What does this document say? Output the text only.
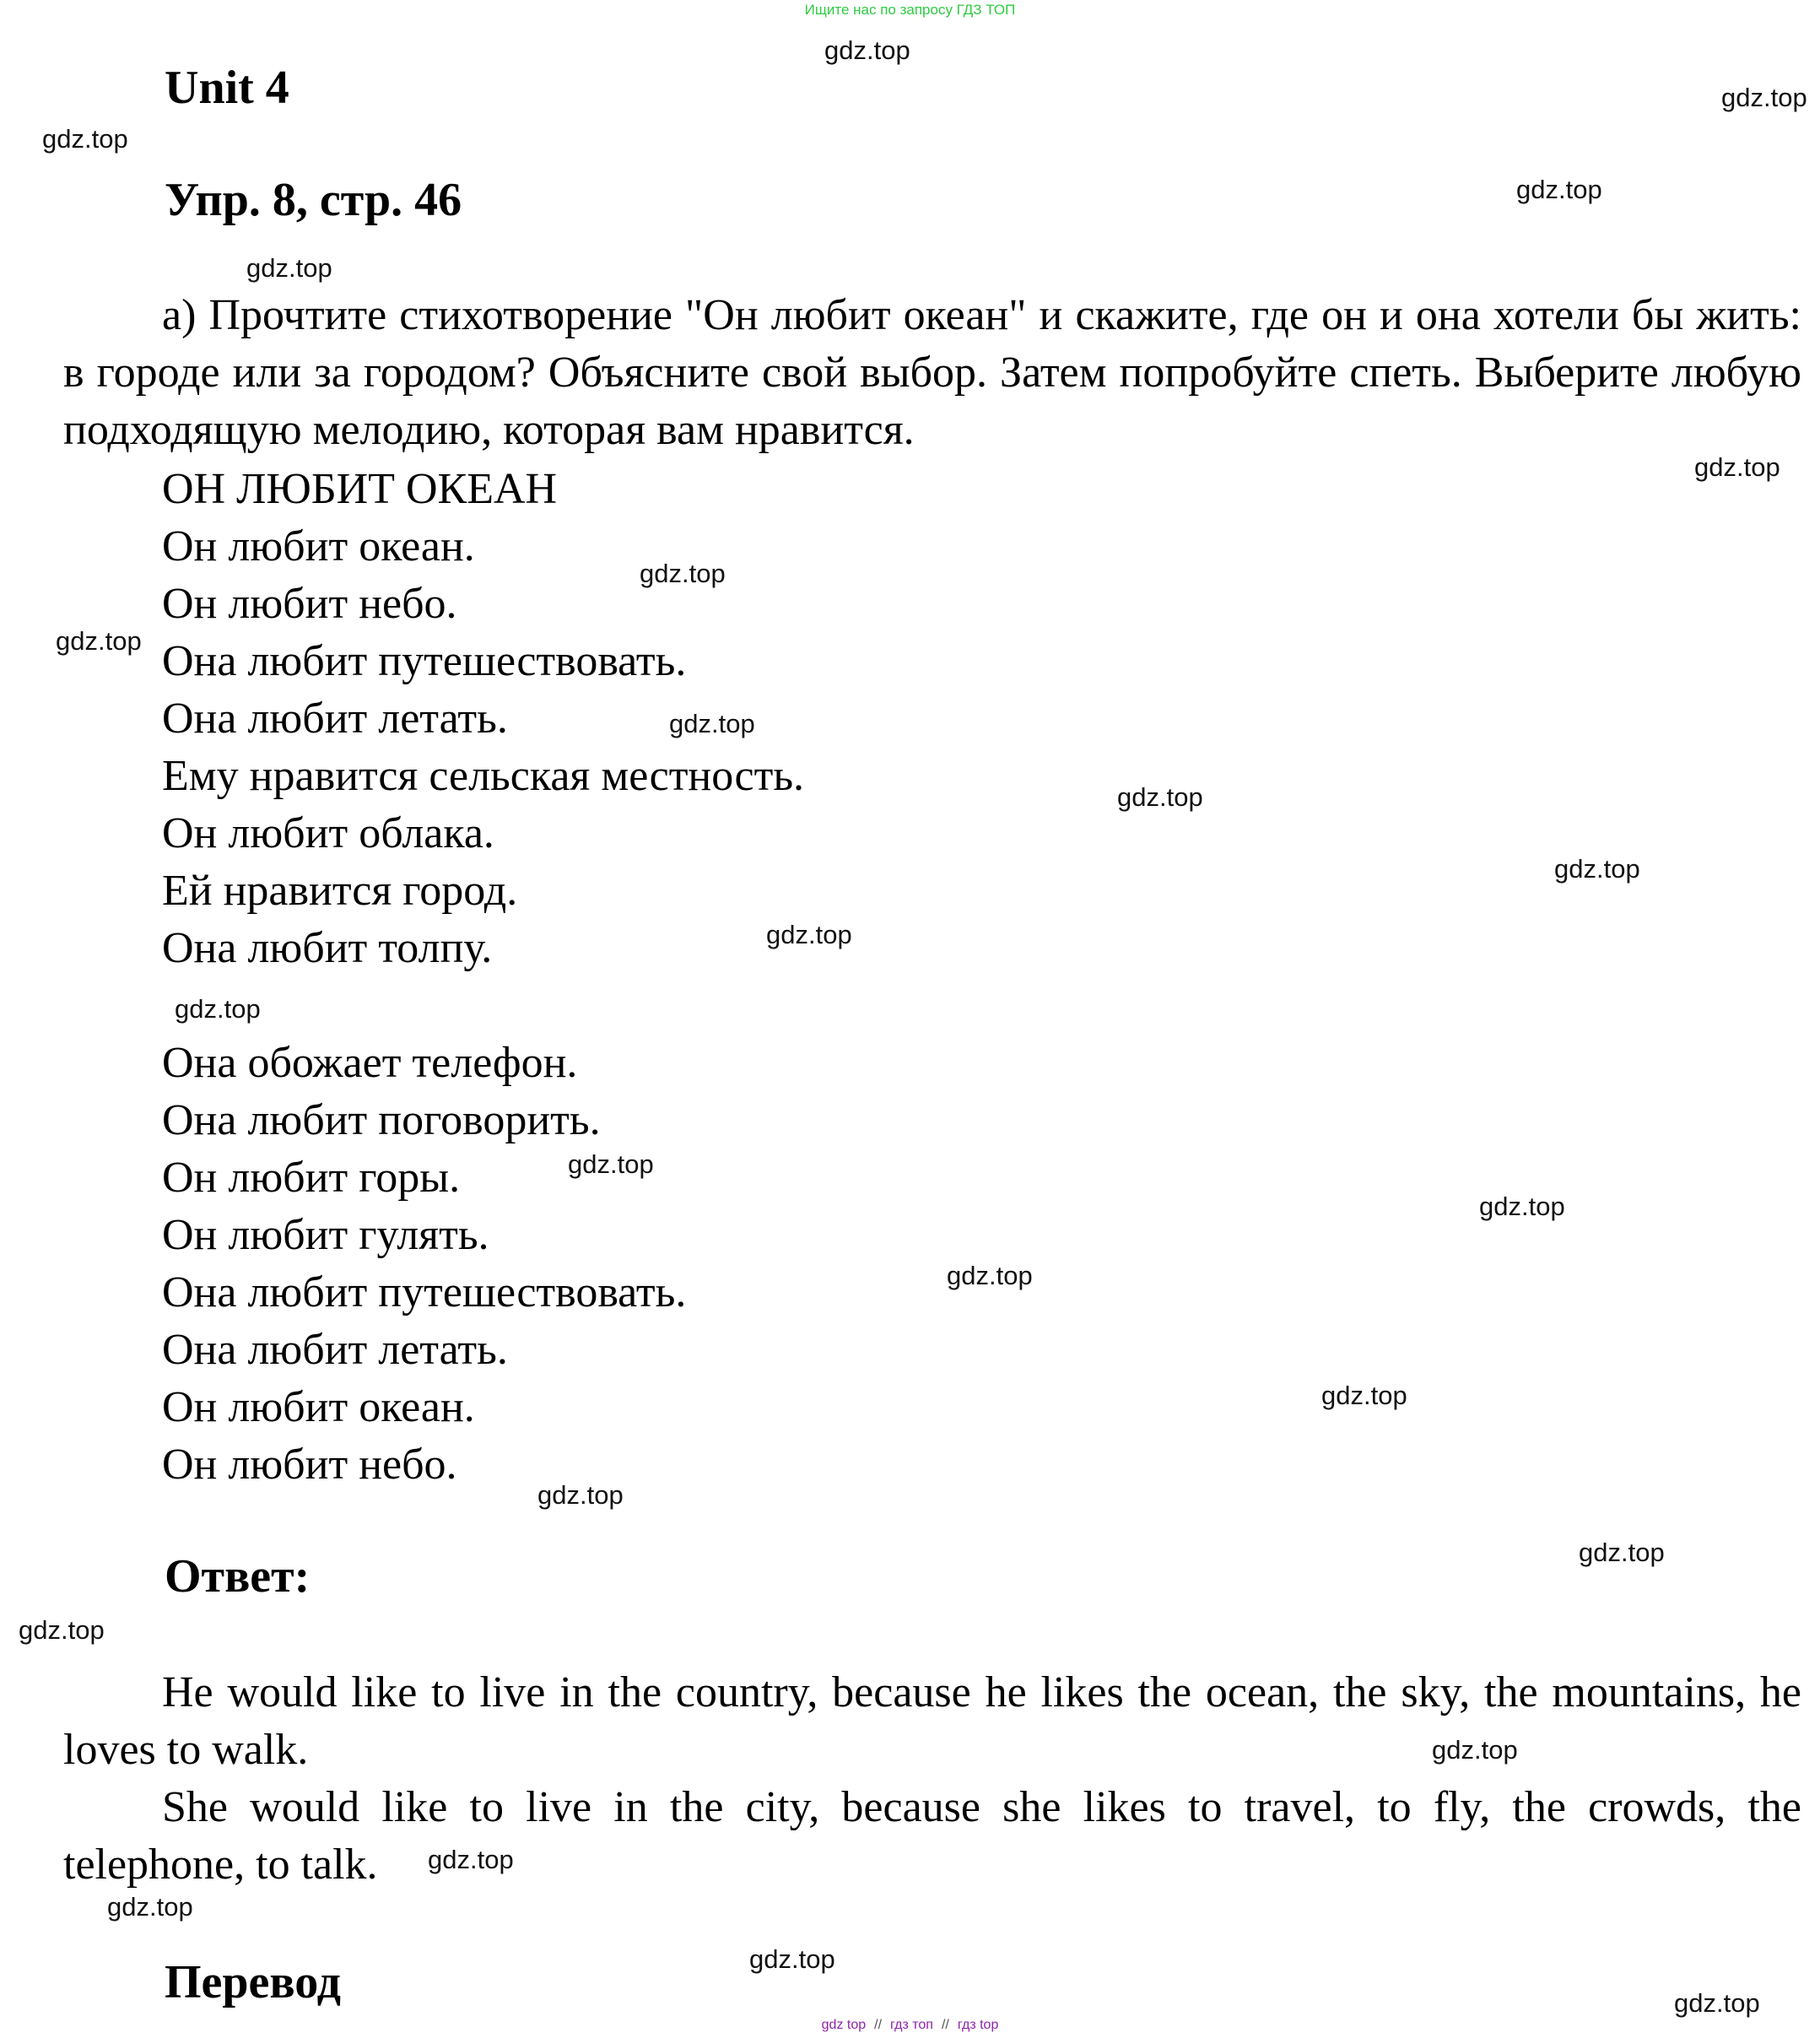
Ищите нас по запросу ГДЗ ТОП
Unit 4
Упр. 8, стр. 46
а) Прочтите стихотворение "Он любит океан" и скажите, где он и она хотели бы жить: в городе или за городом? Объясните свой выбор. Затем попробуйте спеть. Выберите любую подходящую мелодию, которая вам нравится.
ОН ЛЮБИТ ОКЕАН
Он любит океан.
Он любит небо.
Она любит путешествовать.
Она любит летать.
Ему нравится сельская местность.
Он любит облака.
Ей нравится город.
Она любит толпу.
Она обожает телефон.
Она любит поговорить.
Он любит горы.
Он любит гулять.
Она любит путешествовать.
Она любит летать.
Он любит океан.
Он любит небо.
Ответ:
He would like to live in the country, because he likes the ocean, the sky, the mountains, he loves to walk.
She would like to live in the city, because she likes to travel, to fly, the crowds, the telephone, to talk.
Перевод
gdz.top
gdz.top
gdz.top
gdz.top
gdz.top
gdz.top
gdz.top
gdz.top
gdz.top
gdz.top
gdz.top
gdz.top
gdz.top
gdz.top
gdz.top
gdz.top
gdz.top
gdz.top
gdz.top
gdz.top
gdz.top
gdz.top
gdz.top
gdz.top
gdz.top
gdz top // гдз топ // гдз top
